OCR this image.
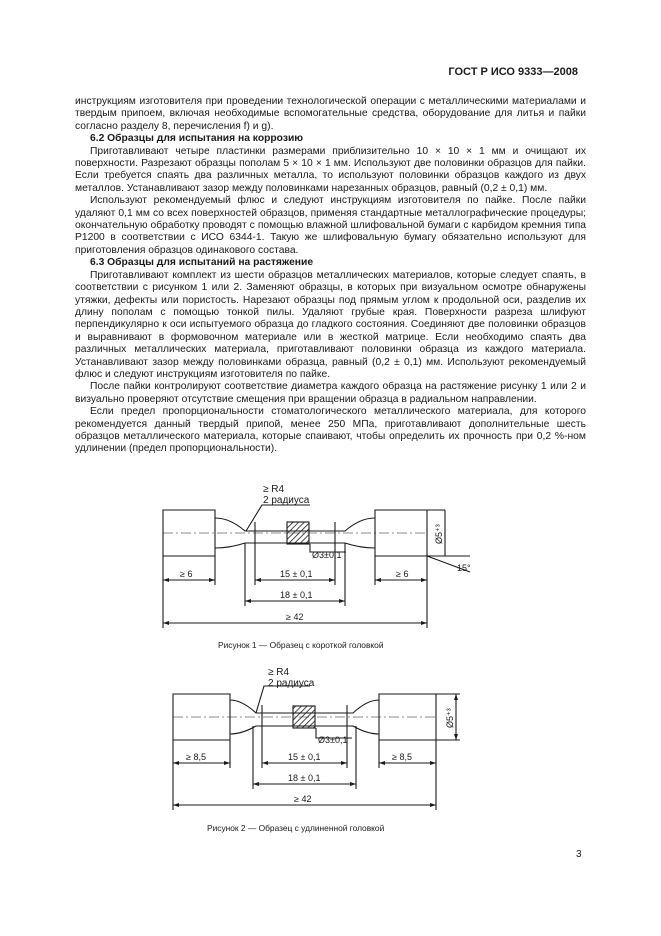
ГОСТ Р ИСО 9333—2008

инструкциям изготовителя при проведении технологической операции с металлическими материалами и твердым припоем, включая необходимые вспомогательные средства, оборудование для литья и пайки согласно разделу 8, перечисления f) и g).

6.2 Образцы для испытания на коррозию

Приготавливают четыре пластинки размерами приблизительно 10 × 10 × 1 мм и очищают их поверхности. Разрезают образцы пополам 5 × 10 × 1 мм. Используют две половинки образцов для пайки. Если требуется спаять два различных металла, то используют половинки образцов каждого из двух металлов. Устанавливают зазор между половинками нарезанных образцов, равный (0,2 ± 0,1) мм.

Используют рекомендуемый флюс и следуют инструкциям изготовителя по пайке. После пайки удаляют 0,1 мм со всех поверхностей образцов, применяя стандартные металлографические процедуры; окончательную обработку проводят с помощью влажной шлифовальной бумаги с карбидом кремния типа Р1200 в соответствии с ИСО 6344-1. Такую же шлифовальную бумагу обязательно используют для приготовления образцов одинакового состава.

6.3 Образцы для испытаний на растяжение

Приготавливают комплект из шести образцов металлических материалов, которые следует спаять, в соответствии с рисунком 1 или 2. Заменяют образцы, в которых при визуальном осмотре обнаружены утяжки, дефекты или пористость. Нарезают образцы под прямым углом к продольной оси, разделив их длину пополам с помощью тонкой пилы. Удаляют грубые края. Поверхности разреза шлифуют перпендикулярно к оси испытуемого образца до гладкого состояния. Соединяют две половинки образцов и выравнивают в формовочном материале или в жесткой матрице. Если необходимо спаять два различных металлических материала, приготавливают половинки образца из каждого материала. Устанавливают зазор между половинками образца, равный (0,2 ± 0,1) мм. Используют рекомендуемый флюс и следуют инструкциям изготовителя по пайке.

После пайки контролируют соответствие диаметра каждого образца на растяжение рисунку 1 или 2 и визуально проверяют отсутствие смещения при вращении образца в радиальном направлении.

Если предел пропорциональности стоматологического металлического материала, для которого рекомендуется данный твердый припой, менее 250 МПа, приготавливают дополнительные шесть образцов металлического материала, которые спаивают, чтобы определить их прочность при 0,2 %-ном удлинении (предел пропорциональности).

≥ R4
2 радиуса
Ø3±0,1
Ø5⁺³
15°
≥ 6	15 ± 0,1	≥ 6
18 ± 0,1
≥ 42
Рисунок 1 — Образец с короткой головкой
≥ R4
2 радиуса
Ø3±0,1
Ø5⁺³
≥ 8,5	15 ± 0,1	≥ 8,5
18 ± 0,1
≥ 42
Рисунок 2 — Образец с удлиненной головкой
3
